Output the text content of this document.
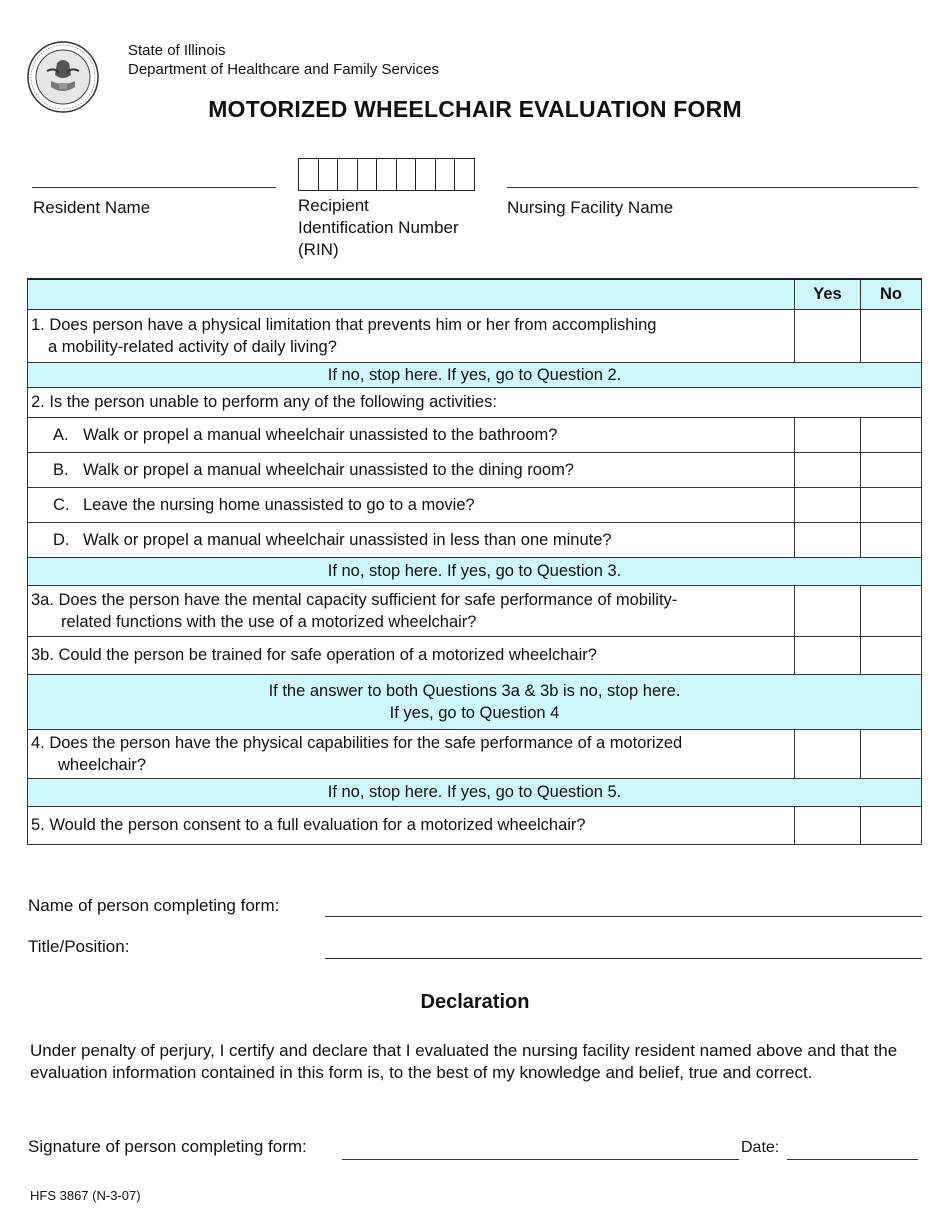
State of Illinois
Department of Healthcare and Family Services
MOTORIZED WHEELCHAIR EVALUATION FORM
Resident Name	Recipient
Identification Number
(RIN)
Nursing Facility Name
	Yes	No

1. Does person have a physical limitation that prevents him or her from accomplishing
a mobility-related activity of daily living?		

If no, stop here. If yes, go to Question 2.		
2. Is the person unable to perform any of the following activities:		

A. Walk or propel a manual wheelchair unassisted to the bathroom?		

B. Walk or propel a manual wheelchair unassisted to the dining room?		

C. Leave the nursing home unassisted to go to a movie?		

D. Walk or propel a manual wheelchair unassisted in less than one minute?		

If no, stop here. If yes, go to Question 3.		

3a. Does the person have the mental capacity sufficient for safe performance of mobility-
related functions with the use of a motorized wheelchair?		

3b. Could the person be trained for safe operation of a motorized wheelchair?		

If the answer to both Questions 3a & 3b is no, stop here.
If yes, go to Question 4		

4. Does the person have the physical capabilities for the safe performance of a motorized
wheelchair?		

If no, stop here. If yes, go to Question 5.		
5. Would the person consent to a full evaluation for a motorized wheelchair?		
Name of person completing form:
Title/Position:
Declaration
Under penalty of perjury, I certify and declare that I evaluated the nursing facility resident named above and that the evaluation information contained in this form is, to the best of my knowledge and belief, true and correct.
Signature of person completing form:	Date:
HFS 3867 (N-3-07)
